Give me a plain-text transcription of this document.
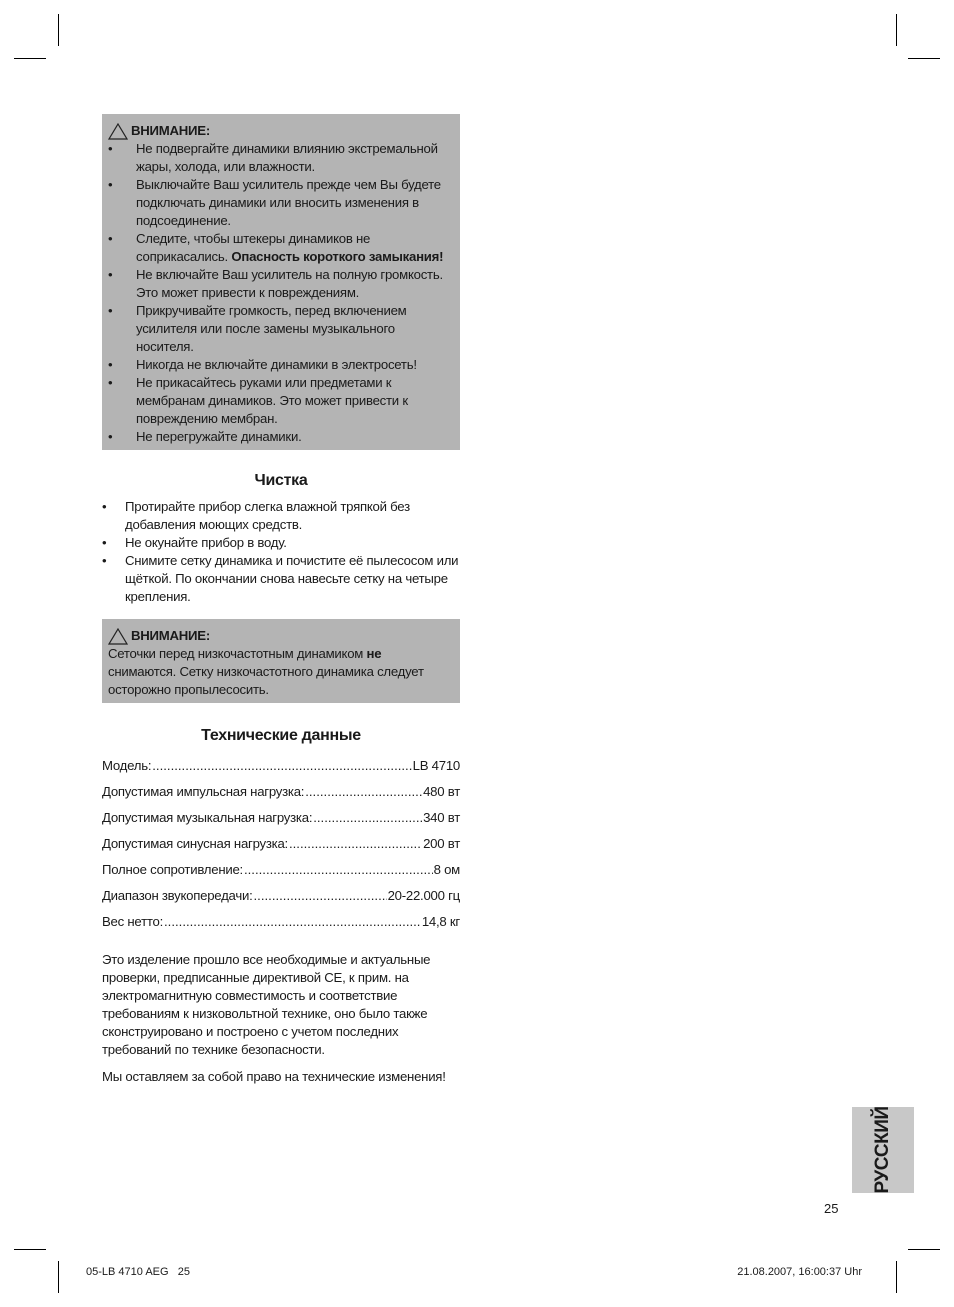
ВНИМАНИЕ:
• Не подвергайте динамики влиянию экстремальной жары, холода, или влажности.
• Выключайте Ваш усилитель прежде чем Вы будете подключать динамики или вносить изменения в подсоединение.
• Следите, чтобы штекеры динамиков не соприкасались. Опасность короткого замыкания!
• Не включайте Ваш усилитель на полную громкость. Это может привести к повреждениям.
• Прикручивайте громкость, перед включением усилителя или после замены музыкального носителя.
• Никогда не включайте динамики в электросеть!
• Не прикасайтесь руками или предметами к мембранам динамиков. Это может привести к повреждению мембран.
• Не перегружайте динамики.
Чистка
• Протирайте прибор слегка влажной тряпкой без добавления моющих средств.
• Не окунайте прибор в воду.
• Снимите сетку динамика и почистите её пылесосом или щёткой. По окончании снова навесьте сетку на четыре крепления.
ВНИМАНИЕ:

Сеточки перед низкочастотным динамиком не снимаются. Сетку низкочастотного динамика следует осторожно пропылесосить.

Технические данные
Модель: .....	LB 4710
Допустимая импульсная нагрузка: .....	480 вт
Допустимая музыкальная нагрузка: .....	340 вт
Допустимая синусная нагрузка: .....	200 вт
Полное сопротивление: .....	8 ом
Диапазон звукопередачи: .....	20-22.000 гц
Вес нетто: .....	14,8 кг

Это изделение прошло все необходимые и актуальные проверки, предписанные директивой CE, к прим. на электромагнитную совместимость и соответствие требованиям к низковольтной технике, оно было также сконструировано и построено с учетом последних требований по технике безопасности.

Мы оставляем за собой право на технические изменения!

РУССКИЙ
25
05-LB 4710 AEG   25	21.08.2007, 16:00:37 Uhr
